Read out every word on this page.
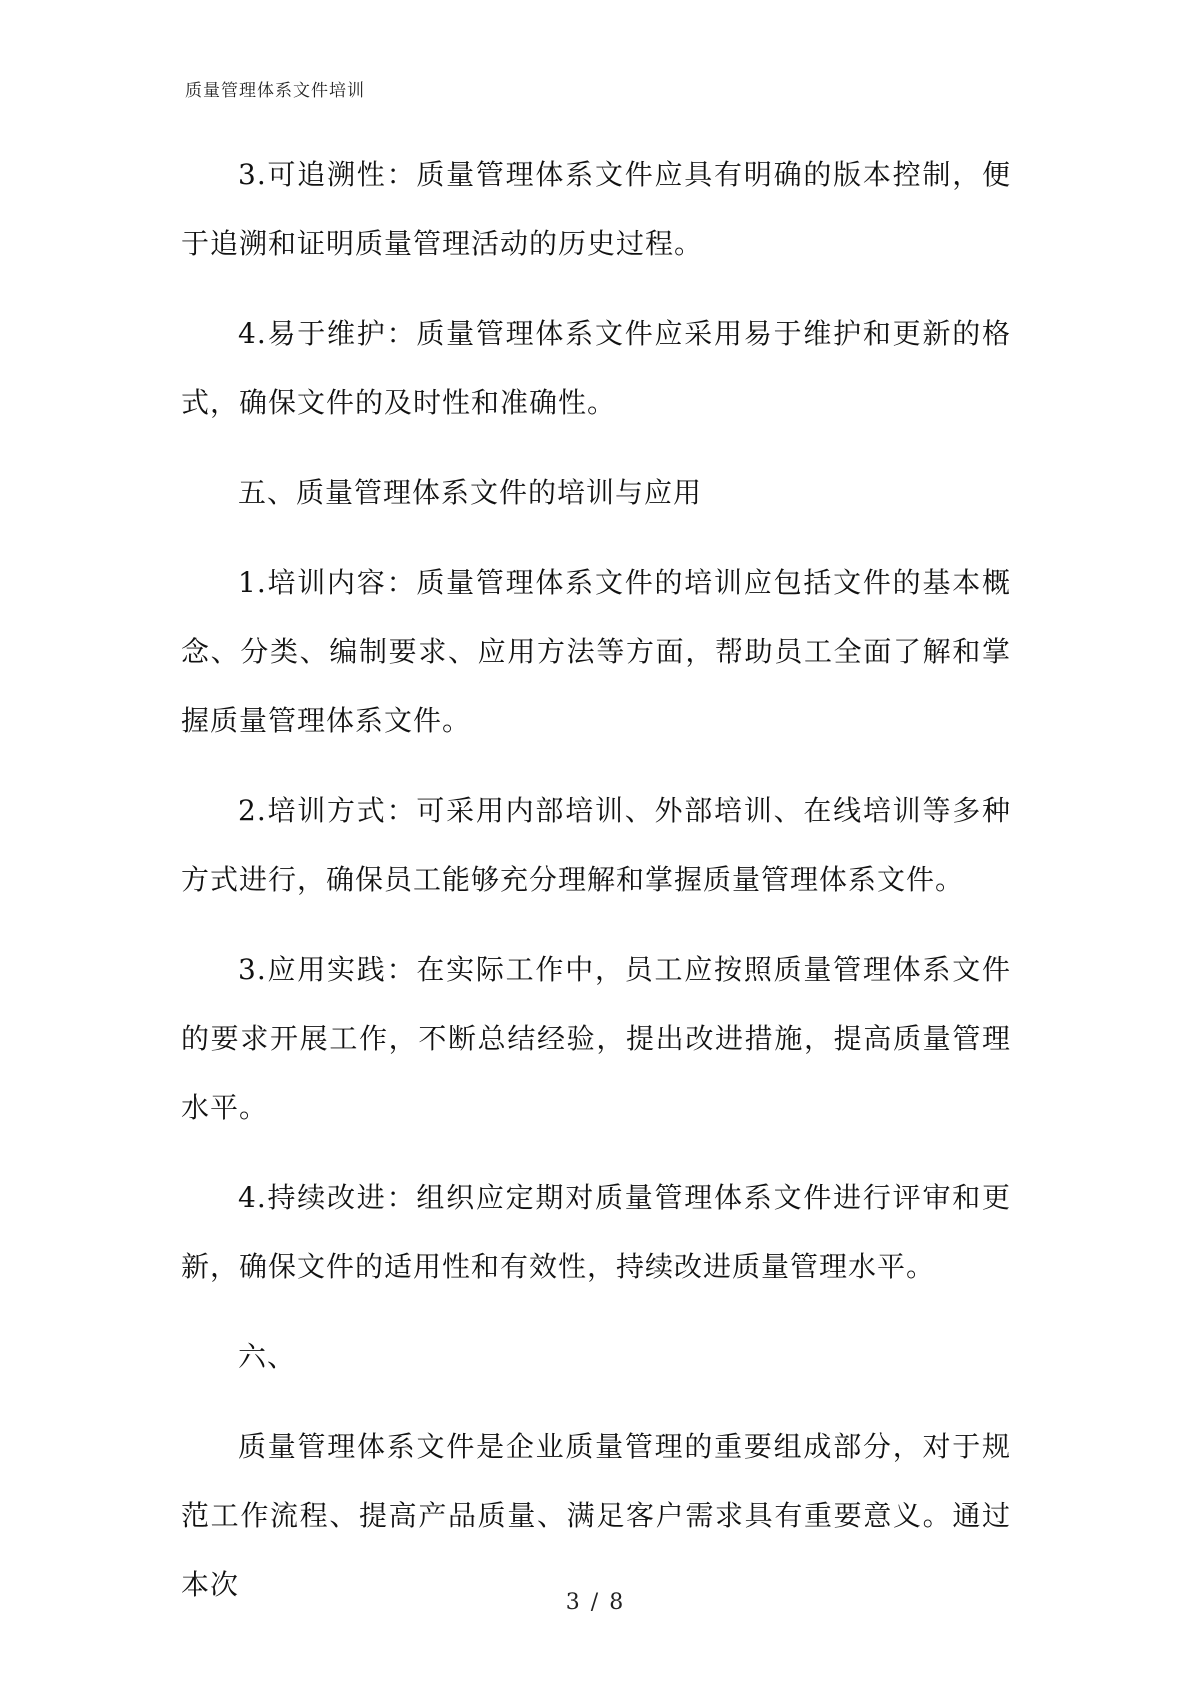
质量管理体系文件培训

3.可追溯性：质量管理体系文件应具有明确的版本控制，便于追溯和证明质量管理活动的历史过程。

4.易于维护：质量管理体系文件应采用易于维护和更新的格式，确保文件的及时性和准确性。

五、质量管理体系文件的培训与应用

1.培训内容：质量管理体系文件的培训应包括文件的基本概念、分类、编制要求、应用方法等方面，帮助员工全面了解和掌握质量管理体系文件。

2.培训方式：可采用内部培训、外部培训、在线培训等多种方式进行，确保员工能够充分理解和掌握质量管理体系文件。

3.应用实践：在实际工作中，员工应按照质量管理体系文件的要求开展工作，不断总结经验，提出改进措施，提高质量管理水平。

4.持续改进：组织应定期对质量管理体系文件进行评审和更新，确保文件的适用性和有效性，持续改进质量管理水平。

六、

质量管理体系文件是企业质量管理的重要组成部分，对于规范工作流程、提高产品质量、满足客户需求具有重要意义。通过本次

3 / 8
